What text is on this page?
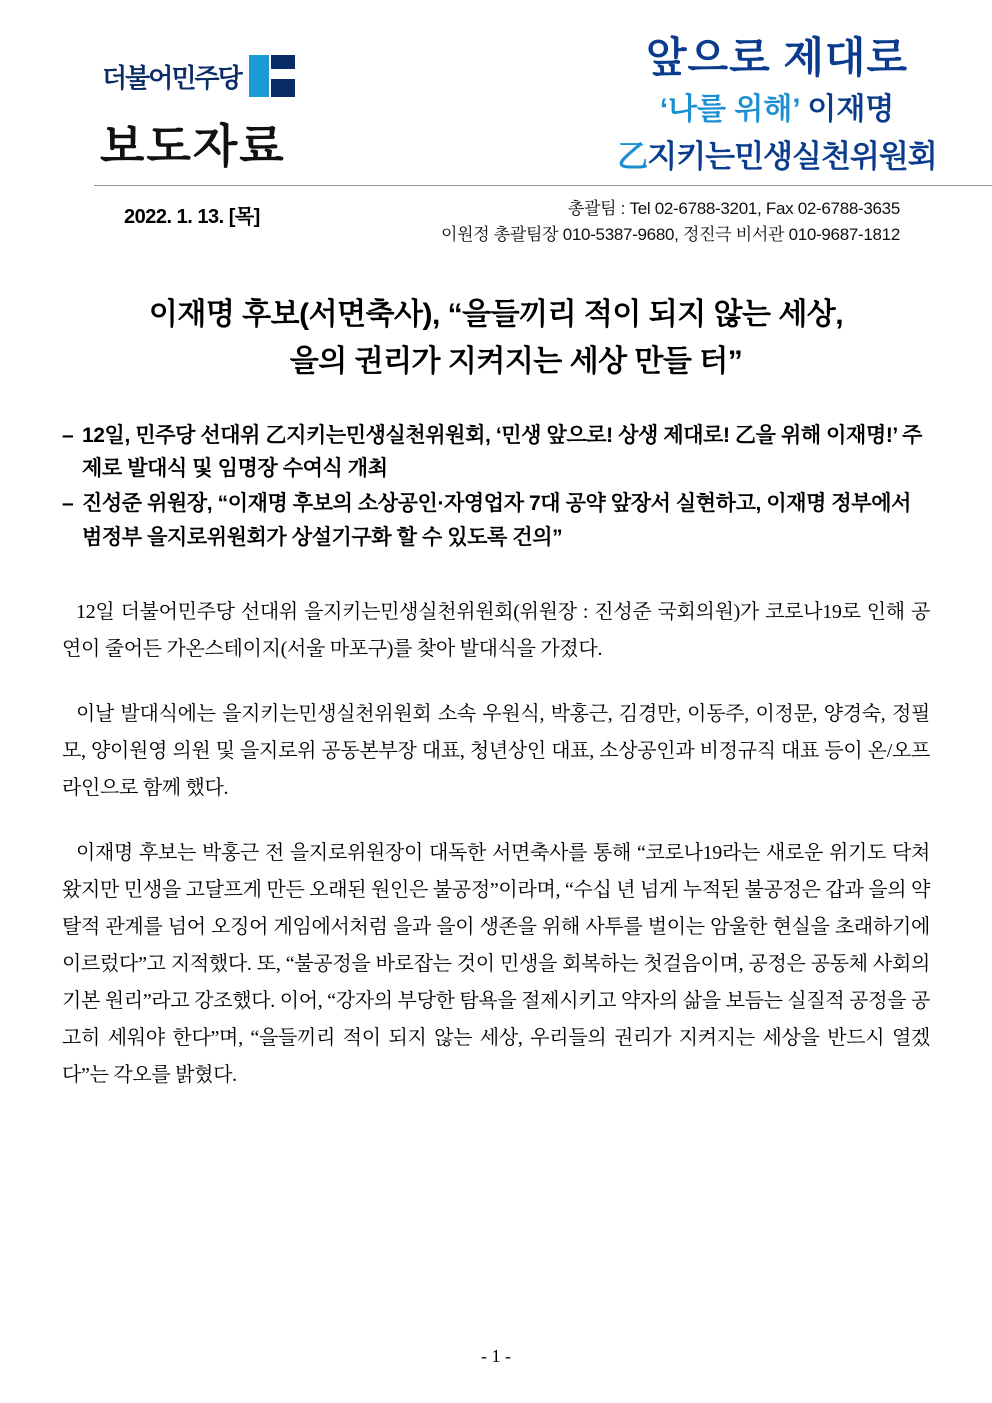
더불어민주당
보도자료
2022. 1. 13. [목]
앞으로 제대로
‘나를 위해’ 이재명
乙지키는민생실천위원회
총괄팀 : Tel 02-6788-3201, Fax 02-6788-3635
이원정 총괄팀장 010-5387-9680, 정진극 비서관 010-9687-1812
이재명 후보(서면축사), “을들끼리 적이 되지 않는 세상,
을의 권리가 지켜지는 세상 만들 터”
– 12일, 민주당 선대위 乙지키는민생실천위원회, ‘민생 앞으로! 상생 제대로! 乙을 위해 이재명!’ 주제로 발대식 및 임명장 수여식 개최
– 진성준 위원장, “이재명 후보의 소상공인·자영업자 7대 공약 앞장서 실현하고, 이재명 정부에서 범정부 을지로위원회가 상설기구화 할 수 있도록 건의”

12일 더불어민주당 선대위 을지키는민생실천위원회(위원장 : 진성준 국회의원)가 코로나19로 인해 공연이 줄어든 가온스테이지(서울 마포구)를 찾아 발대식을 가졌다.

이날 발대식에는 을지키는민생실천위원회 소속 우원식, 박홍근, 김경만, 이동주, 이정문, 양경숙, 정필모, 양이원영 의원 및 을지로위 공동본부장 대표, 청년상인 대표, 소상공인과 비정규직 대표 등이 온/오프라인으로 함께 했다.

이재명 후보는 박홍근 전 을지로위원장이 대독한 서면축사를 통해 “코로나19라는 새로운 위기도 닥쳐 왔지만 민생을 고달프게 만든 오래된 원인은 불공정”이라며, “수십 년 넘게 누적된 불공정은 갑과 을의 약탈적 관계를 넘어 오징어 게임에서처럼 을과 을이 생존을 위해 사투를 벌이는 암울한 현실을 초래하기에 이르렀다”고 지적했다. 또, “불공정을 바로잡는 것이 민생을 회복하는 첫걸음이며, 공정은 공동체 사회의 기본 원리”라고 강조했다. 이어, “강자의 부당한 탐욕을 절제시키고 약자의 삶을 보듬는 실질적 공정을 공고히 세워야 한다”며, “을들끼리 적이 되지 않는 세상, 우리들의 권리가 지켜지는 세상을 반드시 열겠다”는 각오를 밝혔다.

- 1 -
